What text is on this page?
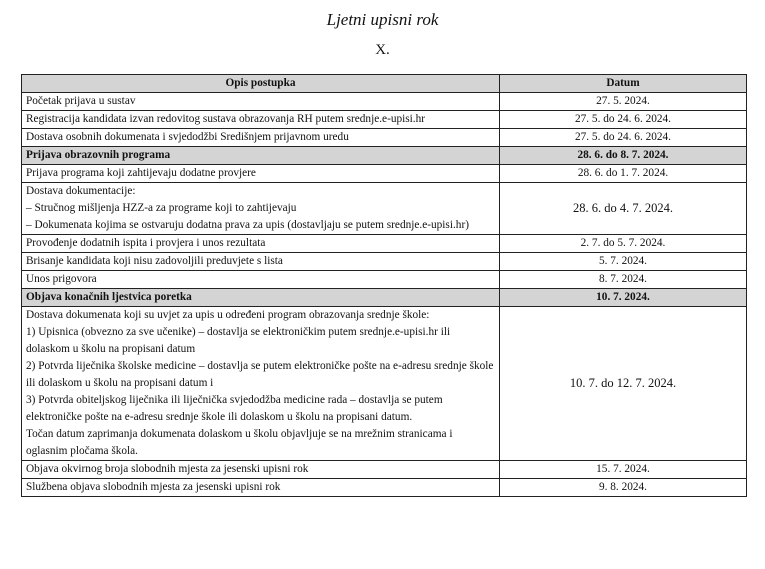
Ljetni upisni rok
X.
Opis postupka	Datum
Početak prijava u sustav	27. 5. 2024.
Registracija kandidata izvan redovitog sustava obrazovanja RH putem srednje.e-upisi.hr	27. 5. do 24. 6. 2024.
Dostava osobnih dokumenata i svjedodžbi Središnjem prijavnom uredu	27. 5. do 24. 6. 2024.
Prijava obrazovnih programa	28. 6. do 8. 7. 2024.
Prijava programa koji zahtijevaju dodatne provjere	28. 6. do 1. 7. 2024.

Dostava dokumentacije:
– Stručnog mišljenja HZZ-a za programe koji to zahtijevaju
– Dokumenata kojima se ostvaruju dodatna prava za upis (dostavljaju se putem srednje.e-upisi.hr)	28. 6. do 4. 7. 2024.
Provođenje dodatnih ispita i provjera i unos rezultata	2. 7. do 5. 7. 2024.
Brisanje kandidata koji nisu zadovoljili preduvjete s lista	5. 7. 2024.
Unos prigovora	8. 7. 2024.
Objava konačnih ljestvica poretka	10. 7. 2024.

Dostava dokumenata koji su uvjet za upis u određeni program obrazovanja srednje škole:
1) Upisnica (obvezno za sve učenike) – dostavlja se elektroničkim putem srednje.e-upisi.hr ili dolaskom u školu na propisani datum
2) Potvrda liječnika školske medicine – dostavlja se putem elektroničke pošte na e-adresu srednje škole ili dolaskom u školu na propisani datum i
3) Potvrda obiteljskog liječnika ili liječnička svjedodžba medicine rada – dostavlja se putem elektroničke pošte na e-adresu srednje škole ili dolaskom u školu na propisani datum.
Točan datum zaprimanja dokumenata dolaskom u školu objavljuje se na mrežnim stranicama i oglasnim pločama škola.	10. 7. do 12. 7. 2024.
Objava okvirnog broja slobodnih mjesta za jesenski upisni rok	15. 7. 2024.
Službena objava slobodnih mjesta za jesenski upisni rok	9. 8. 2024.
